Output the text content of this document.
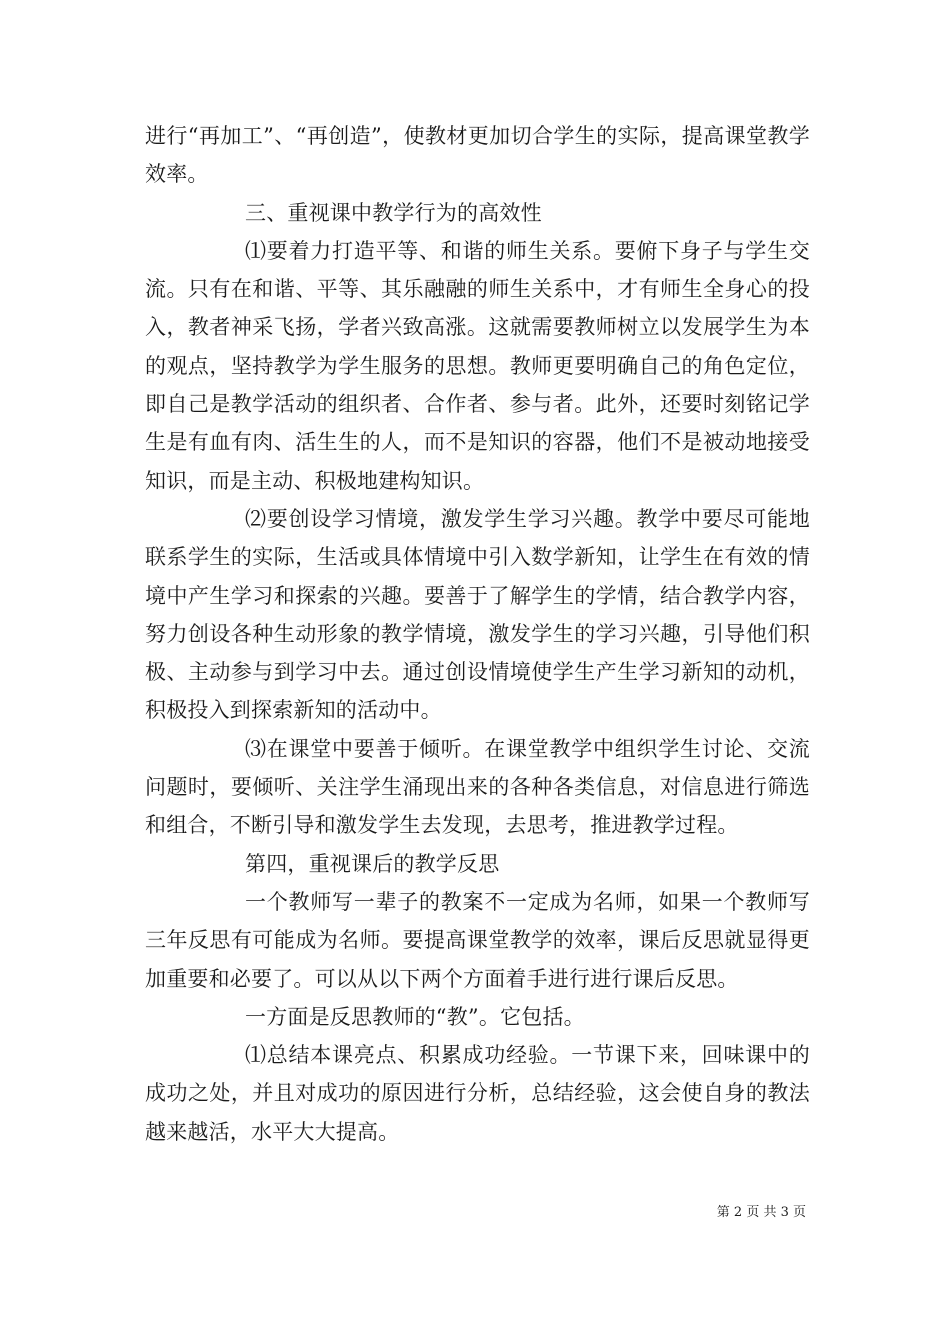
进行“再加工”、“再创造”，使教材更加切合学生的实际，提高课堂教学效率。

三、重视课中教学行为的高效性

⑴要着力打造平等、和谐的师生关系。要俯下身子与学生交流。只有在和谐、平等、其乐融融的师生关系中，才有师生全身心的投入，教者神采飞扬，学者兴致高涨。这就需要教师树立以发展学生为本的观点，坚持教学为学生服务的思想。教师更要明确自己的角色定位，即自己是教学活动的组织者、合作者、参与者。此外，还要时刻铭记学生是有血有肉、活生生的人，而不是知识的容器，他们不是被动地接受知识，而是主动、积极地建构知识。

⑵要创设学习情境，激发学生学习兴趣。教学中要尽可能地联系学生的实际，生活或具体情境中引入数学新知，让学生在有效的情境中产生学习和探索的兴趣。要善于了解学生的学情，结合教学内容，努力创设各种生动形象的教学情境，激发学生的学习兴趣，引导他们积极、主动参与到学习中去。通过创设情境使学生产生学习新知的动机，积极投入到探索新知的活动中。

⑶在课堂中要善于倾听。在课堂教学中组织学生讨论、交流问题时，要倾听、关注学生涌现出来的各种各类信息，对信息进行筛选和组合，不断引导和激发学生去发现，去思考，推进教学过程。

第四，重视课后的教学反思

一个教师写一辈子的教案不一定成为名师，如果一个教师写三年反思有可能成为名师。要提高课堂教学的效率，课后反思就显得更加重要和必要了。可以从以下两个方面着手进行进行课后反思。

一方面是反思教师的“教”。它包括。

⑴总结本课亮点、积累成功经验。一节课下来，回味课中的成功之处，并且对成功的原因进行分析，总结经验，这会使自身的教法越来越活，水平大大提高。

第 2 页 共 3 页
